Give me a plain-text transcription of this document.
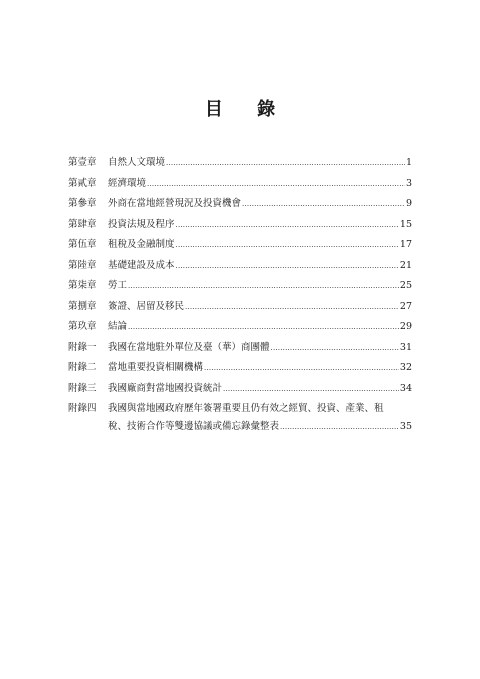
目 錄
第壹章	自然人文環境 .....	1
第貳章	經濟環境 .....	3
第參章	外商在當地經營現況及投資機會 .....	9
第肆章	投資法規及程序 .....	15
第伍章	租稅及金融制度 .....	17
第陸章	基礎建設及成本 .....	21
第柒章	勞工 .....	25
第捌章	簽證、居留及移民 .....	27
第玖章	結論 .....	29
附錄一	我國在當地駐外單位及臺（華）商團體 .....	31
附錄二	當地重要投資相關機構 .....	32
附錄三	我國廠商對當地國投資統計 .....	34
附錄四	我國與當地國政府歷年簽署重要且仍有效之經貿、投資、產業、租
稅、技術合作等雙邊協議或備忘錄彙整表 .....	35
